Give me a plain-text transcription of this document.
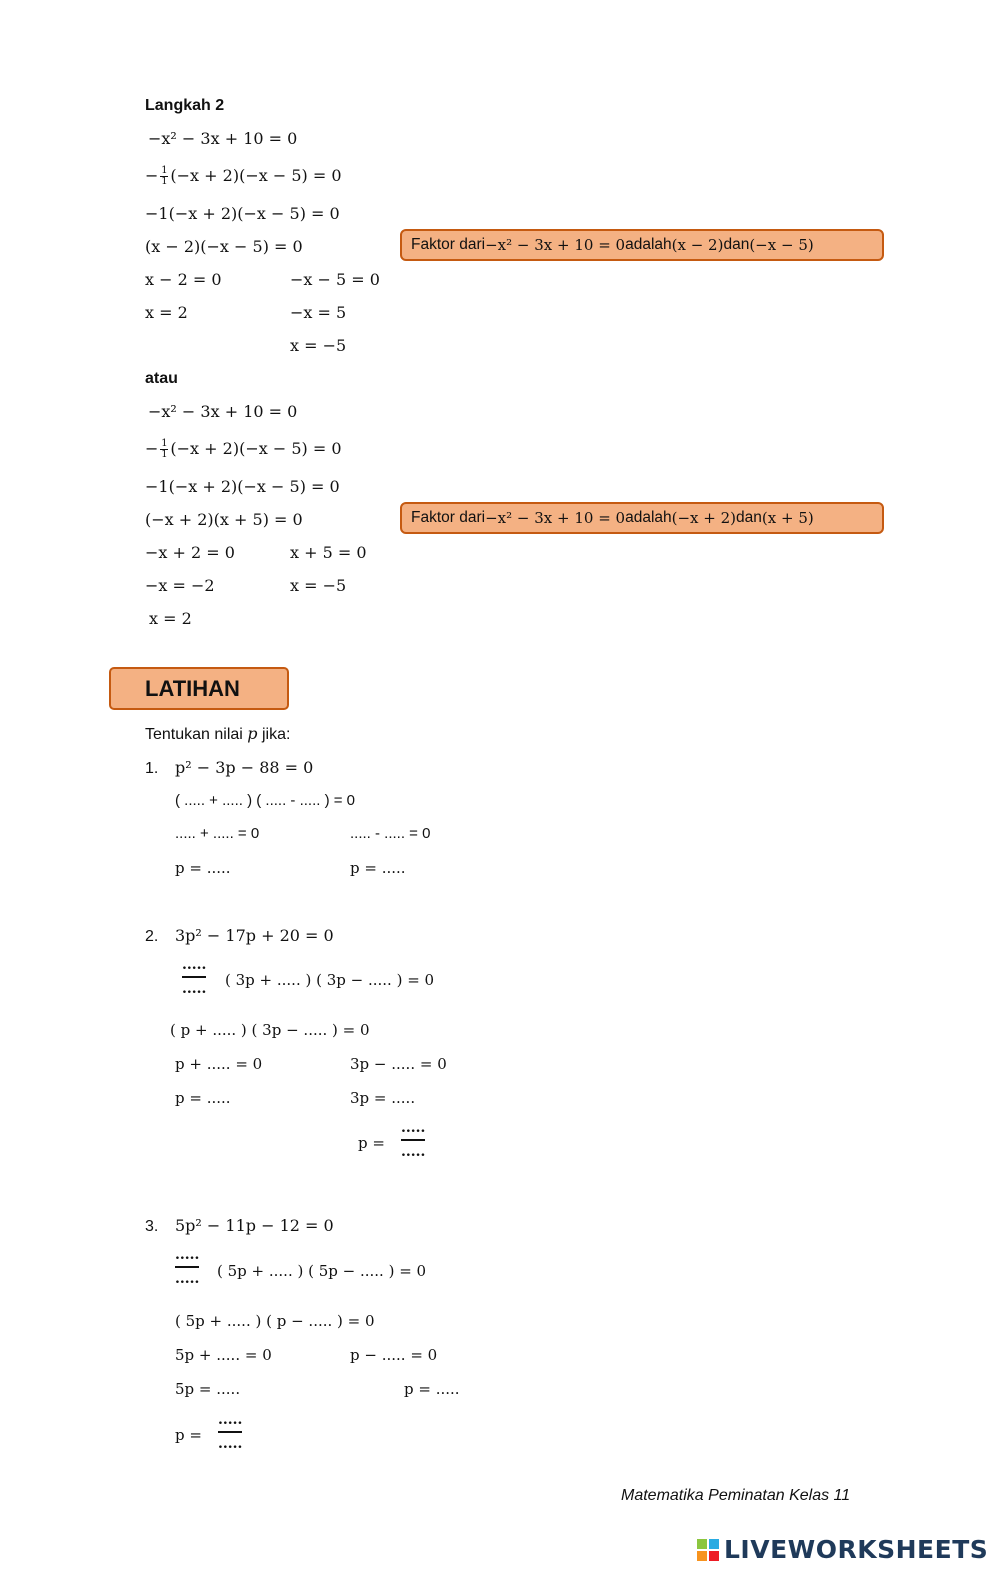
Langkah 2
−x² − 3x + 10 = 0
− $\frac{1}{1} (-x + 2)(-x - 5) = 0$
−1(−x + 2)(−x − 5) = 0
(x − 2)(−x − 5) = 0
x − 2 = 0	−x − 5 = 0
x = 2	−x = 5
x = −5
Faktor dari −x² − 3x + 10 = 0 adalah (x − 2) dan (−x − 5)
atau
−x² − 3x + 10 = 0
− $\frac{1}{1} (-x + 2)(-x - 5) = 0$
−1(−x + 2)(−x − 5) = 0
(−x + 2)(x + 5) = 0
−x + 2 = 0	x + 5 = 0
−x = −2	x = −5
x = 2
Faktor dari −x² − 3x + 10 = 0 adalah (−x + 2) dan (x + 5)
LATIHAN
Tentukan nilai p jika:
1. p² − 3p − 88 = 0
( ..... + ..... ) ( ..... - ..... ) = 0
..... + ..... = 0	..... - ..... = 0
p = .....	p = .....
2. 3p² − 17p + 20 = 0
.....
..... ( 3p + ..... ) ( 3p − ..... ) = 0
( p + ..... ) ( 3p − ..... ) = 0
p + ..... = 0	3p − ..... = 0
p = .....	3p = .....
p =
.....
.....
3. 5p² − 11p − 12 = 0
.....
..... ( 5p + ..... ) ( 5p − ..... ) = 0
( 5p + ..... ) ( p − ..... ) = 0
5p + ..... = 0	p − ..... = 0
5p = .....	p = .....
p =
.....
.....
Matematika Peminatan Kelas 11
LIVEWORKSHEETS
